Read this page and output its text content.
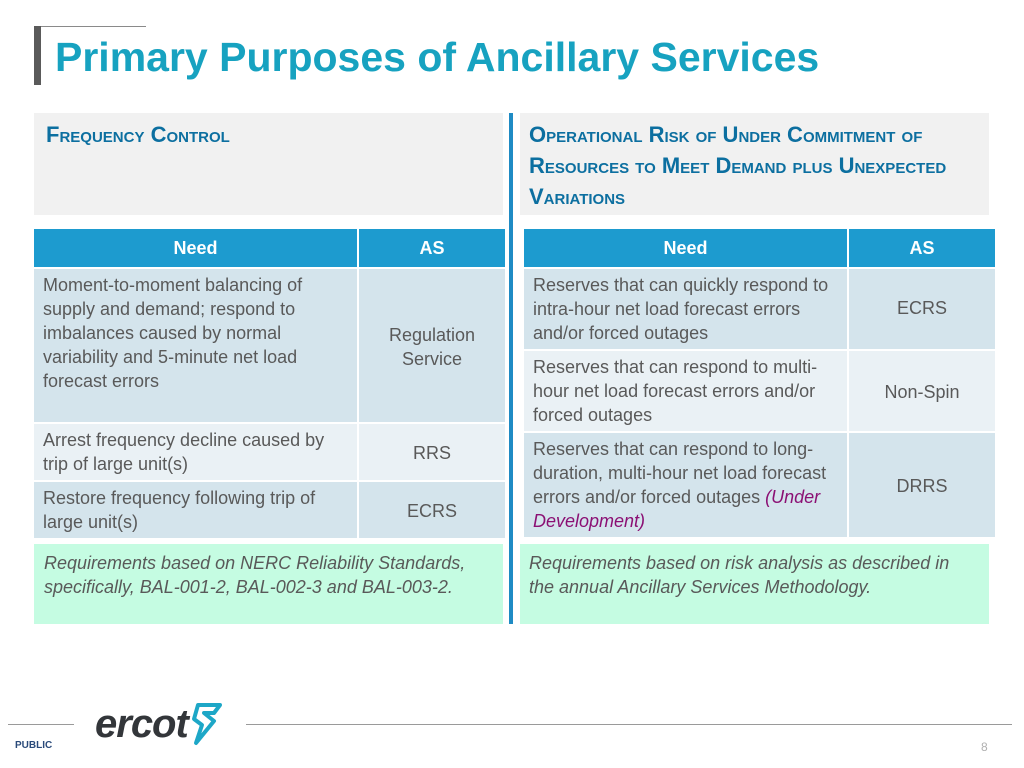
Primary Purposes of Ancillary Services
Frequency Control	Operational Risk of Under Commitment of Resources to Meet Demand plus Unexpected Variations
Need	AS
Moment-to-moment balancing of supply and demand; respond to imbalances caused by normal variability and 5-minute net load forecast errors	Regulation Service
Arrest frequency decline caused by trip of large unit(s)	RRS
Restore frequency following trip of large unit(s)	ECRS
Need	AS
Reserves that can quickly respond to intra-hour net load forecast errors and/or forced outages	ECRS
Reserves that can respond to multi-hour net load forecast errors and/or forced outages	Non-Spin
Reserves that can respond to long-duration, multi-hour net load forecast errors and/or forced outages (Under Development)	DRRS
Requirements based on NERC Reliability Standards, specifically, BAL-001-2, BAL-002-3 and BAL-003-2.
Requirements based on risk analysis as described in the annual Ancillary Services Methodology.
ercot
PUBLIC	8
